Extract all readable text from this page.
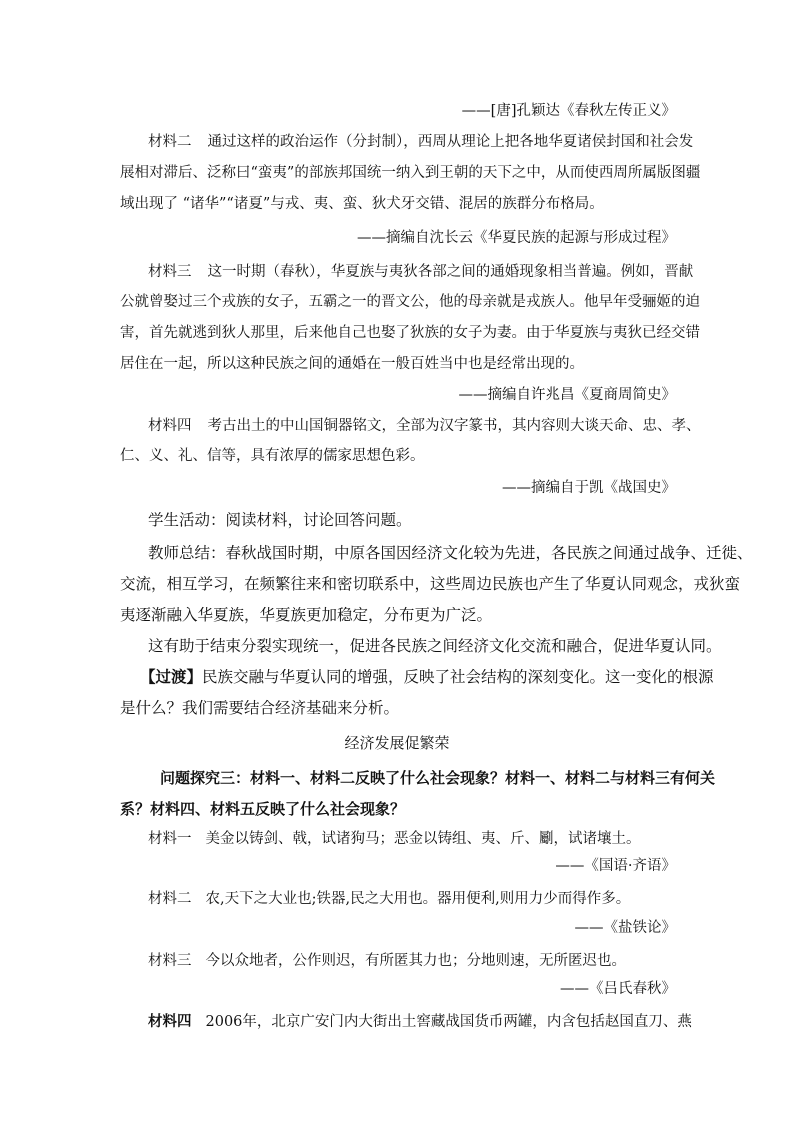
——[唐]孔颖达《春秋左传正义》
材料二 通过这样的政治运作（分封制），西周从理论上把各地华夏诸侯封国和社会发
展相对滞后、泛称曰“蛮夷”的部族邦国统一纳入到王朝的天下之中，从而使西周所属版图疆
域出现了 “诸华”“诸夏”与戎、夷、蛮、狄犬牙交错、混居的族群分布格局。
——摘编自沈长云《华夏民族的起源与形成过程》
材料三 这一时期（春秋），华夏族与夷狄各部之间的通婚现象相当普遍。例如，晋献
公就曾娶过三个戎族的女子，五霸之一的晋文公，他的母亲就是戎族人。他早年受骊姬的迫
害，首先就逃到狄人那里，后来他自己也娶了狄族的女子为妻。由于华夏族与夷狄已经交错
居住在一起，所以这种民族之间的通婚在一般百姓当中也是经常出现的。
——摘编自许兆昌《夏商周简史》
材料四 考古出土的中山国铜器铭文，全部为汉字篆书，其内容则大谈天命、忠、孝、
仁、义、礼、信等，具有浓厚的儒家思想色彩。
——摘编自于凯《战国史》
学生活动：阅读材料，讨论回答问题。
教师总结：春秋战国时期，中原各国因经济文化较为先进，各民族之间通过战争、迁徙、
交流，相互学习，在频繁往来和密切联系中，这些周边民族也产生了华夏认同观念，戎狄蛮
夷逐渐融入华夏族，华夏族更加稳定，分布更为广泛。
这有助于结束分裂实现统一，促进各民族之间经济文化交流和融合，促进华夏认同。
【过渡】民族交融与华夏认同的增强，反映了社会结构的深刻变化。这一变化的根源
是什么？我们需要结合经济基础来分析。
经济发展促繁荣
问题探究三：材料一、材料二反映了什么社会现象？材料一、材料二与材料三有何关
系？材料四、材料五反映了什么社会现象？
材料一 美金以铸剑、戟，试诸狗马；恶金以铸组、夷、斤、劚，试诸壤土。
——《国语·齐语》
材料二 农,天下之大业也;铁器,民之大用也。器用便利,则用力少而得作多。
——《盐铁论》
材料三 今以众地者，公作则迟，有所匿其力也；分地则速，无所匿迟也。
——《吕氏春秋》
材料四 2006年，北京广安门内大街出土窖藏战国货币两罐，内含包括赵国直刀、燕
